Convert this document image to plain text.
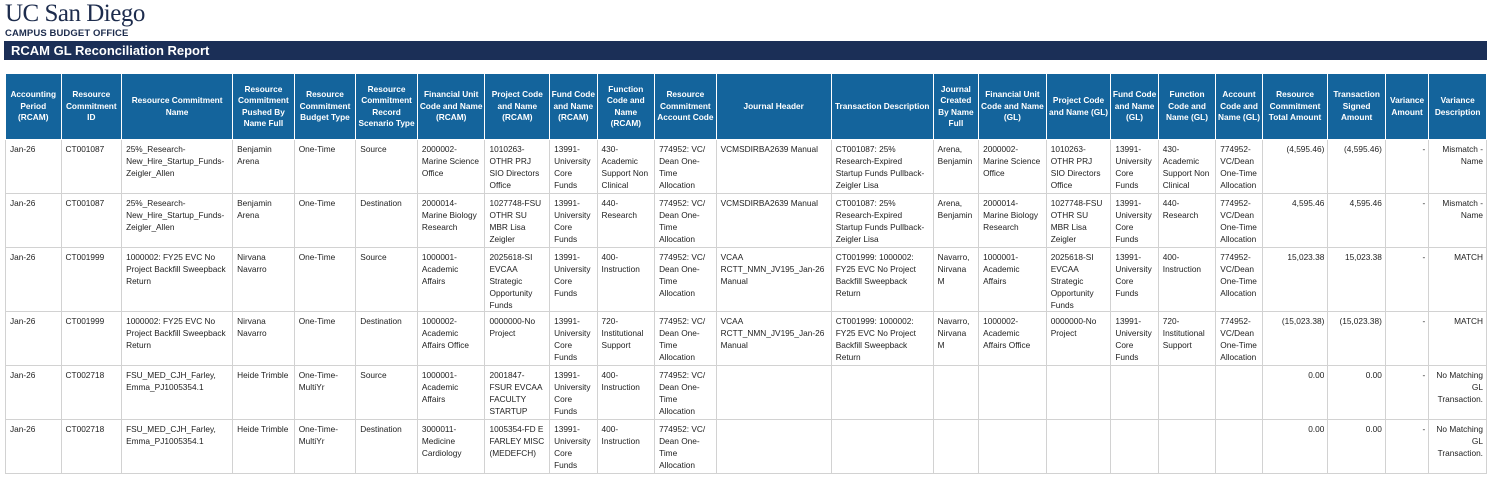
UC San Diego
CAMPUS BUDGET OFFICE
RCAM GL Reconciliation Report
Accounting Period (RCAM)	Resource Commitment ID	Resource Commitment Name	Resource Commitment Pushed By Name Full	Resource Commitment Budget Type	Resource Commitment Record Scenario Type	Financial Unit Code and Name (RCAM)	Project Code and Name (RCAM)	Fund Code and Name (RCAM)	Function Code and Name (RCAM)	Resource Commitment Account Code	Journal Header	Transaction Description	Journal Created By Name Full	Financial Unit Code and Name (GL)	Project Code and Name (GL)	Fund Code and Name (GL)	Function Code and Name (GL)	Account Code and Name (GL)	Resource Commitment Total Amount	Transaction Signed Amount	Variance Amount	Variance Description
Jan-26	CT001087	25%_Research-New_Hire_Startup_Funds-Zeigler_Allen	Benjamin Arena	One-Time	Source	2000002-Marine Science Office	1010263-OTHR PRJ SIO Directors Office	13991-University Core Funds	430-Academic Support Non Clinical	774952: VC/ Dean One-Time Allocation	VCMSDIRBA2639 Manual	CT001087: 25% Research-Expired Startup Funds Pullback-Zeigler Lisa	Arena, Benjamin	2000002-Marine Science Office	1010263-OTHR PRJ SIO Directors Office	13991-University Core Funds	430-Academic Support Non Clinical	774952-VC/Dean One-Time Allocation	(4,595.46)	(4,595.46)	-	Mismatch - Name
Jan-26	CT001087	25%_Research-New_Hire_Startup_Funds-Zeigler_Allen	Benjamin Arena	One-Time	Destination	2000014-Marine Biology Research	1027748-FSU OTHR SU MBR Lisa Zeigler	13991-University Core Funds	440-Research	774952: VC/ Dean One-Time Allocation	VCMSDIRBA2639 Manual	CT001087: 25% Research-Expired Startup Funds Pullback-Zeigler Lisa	Arena, Benjamin	2000014-Marine Biology Research	1027748-FSU OTHR SU MBR Lisa Zeigler	13991-University Core Funds	440-Research	774952-VC/Dean One-Time Allocation	4,595.46	4,595.46	-	Mismatch - Name
Jan-26	CT001999	1000002: FY25 EVC No Project Backfill Sweepback Return	Nirvana Navarro	One-Time	Source	1000001-Academic Affairs	2025618-SI EVCAA Strategic Opportunity Funds	13991-University Core Funds	400-Instruction	774952: VC/ Dean One-Time Allocation	VCAA RCTT_NMN_JV195_Jan-26 Manual	CT001999: 1000002: FY25 EVC No Project Backfill Sweepback Return	Navarro, Nirvana M	1000001-Academic Affairs	2025618-SI EVCAA Strategic Opportunity Funds	13991-University Core Funds	400-Instruction	774952-VC/Dean One-Time Allocation	15,023.38	15,023.38	-	MATCH
Jan-26	CT001999	1000002: FY25 EVC No Project Backfill Sweepback Return	Nirvana Navarro	One-Time	Destination	1000002-Academic Affairs Office	0000000-No Project	13991-University Core Funds	720-Institutional Support	774952: VC/ Dean One-Time Allocation	VCAA RCTT_NMN_JV195_Jan-26 Manual	CT001999: 1000002: FY25 EVC No Project Backfill Sweepback Return	Navarro, Nirvana M	1000002-Academic Affairs Office	0000000-No Project	13991-University Core Funds	720-Institutional Support	774952-VC/Dean One-Time Allocation	(15,023.38)	(15,023.38)	-	MATCH
Jan-26	CT002718	FSU_MED_CJH_Farley, Emma_PJ1005354.1	Heide Trimble	One-Time-MultiYr	Source	1000001-Academic Affairs	2001847-FSUR EVCAA FACULTY STARTUP	13991-University Core Funds	400-Instruction	774952: VC/ Dean One-Time Allocation									0.00	0.00	-	No Matching GL Transaction.
Jan-26	CT002718	FSU_MED_CJH_Farley, Emma_PJ1005354.1	Heide Trimble	One-Time-MultiYr	Destination	3000011-Medicine Cardiology	1005354-FD E FARLEY MISC (MEDEFCH)	13991-University Core Funds	400-Instruction	774952: VC/ Dean One-Time Allocation									0.00	0.00	-	No Matching GL Transaction.
